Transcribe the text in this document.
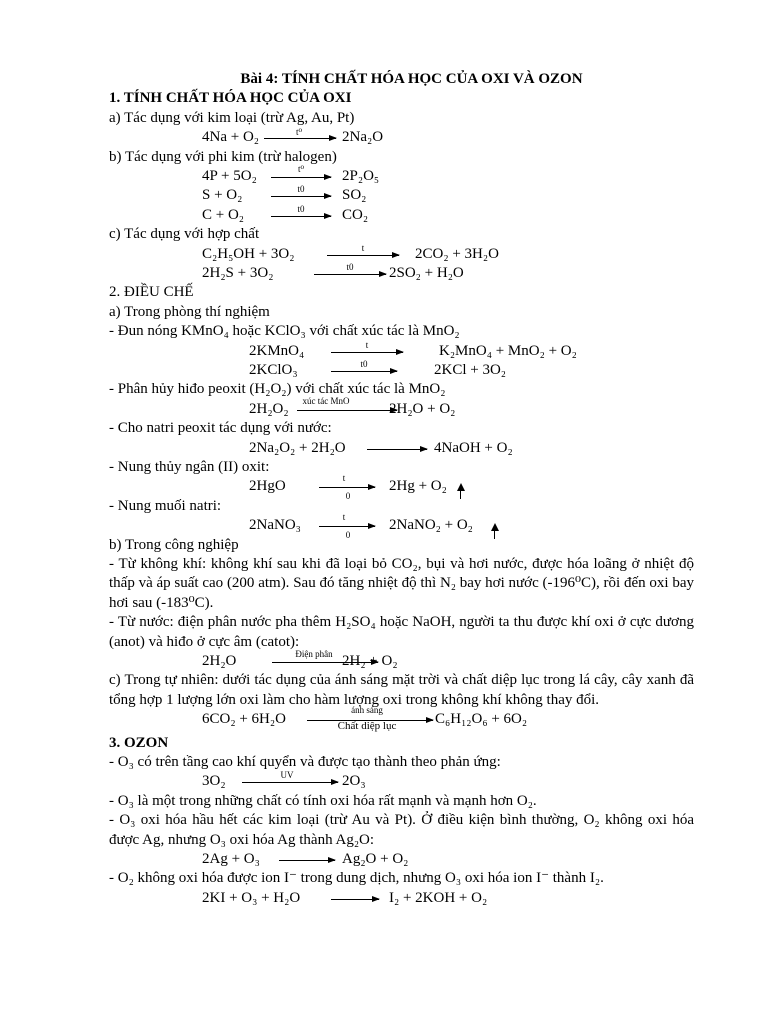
Bài 4: TÍNH CHẤT HÓA HỌC CỦA OXI VÀ OZON
1. TÍNH CHẤT HÓA HỌC CỦA OXI
a) Tác dụng với kim loại (trừ Ag, Au, Pt)
4Na + O₂	t⁰	2Na₂O
b) Tác dụng với phi kim (trừ halogen)
4P + 5O₂	t⁰ → 2P₂O₅
S + O₂	t0 → SO₂
C + O₂	t0 → CO₂
c) Tác dụng với hợp chất
C₂H₅OH + 3O₂	t	2CO₂ + 3H₂O
2H₂S + 3O₂	t0	2SO₂ + H₂O
2. ĐIỀU CHẾ
a) Trong phòng thí nghiệm
- Đun nóng KMnO₄ hoặc KClO₃ với chất xúc tác là MnO₂
2KMnO₄	t	K₂MnO₄ + MnO₂ + O₂
2KClO₃	t0	2KCl + 3O₂
- Phân hủy hiđo peoxit (H₂O₂) với chất xúc tác là MnO₂
2H₂O₂	xúc tác MnO	2H₂O + O₂
- Cho natri peoxit tác dụng với nước:
2Na₂O₂ + 2H₂O → 4NaOH + O₂
- Nung thủy ngân (II) oxit:
2HgO	t
0
2Hg + O₂
- Nung muối natri:
2NaNO₃	t
0
2NaNO₂ + O₂
b) Trong công nghiệp
- Từ không khí: không khí sau khi đã loại bỏ CO₂, bụi và hơi nước, được hóa loãng ở nhiệt độ thấp và áp suất cao (200 atm). Sau đó tăng nhiệt độ thì N₂ bay hơi nước (-196⁰C), rồi đến oxi bay hơi sau (-183⁰C).
- Từ nước: điện phân nước pha thêm H₂SO₄ hoặc NaOH, người ta thu được khí oxi ở cực dương (anot) và hiđo ở cực âm (catot):
2H₂O	Điện phân 2H₂ + O₂
c) Trong tự nhiên: dưới tác dụng của ánh sáng mặt trời và chất diệp lục trong lá cây, cây xanh đã tổng hợp 1 lượng lớn oxi làm cho hàm lượng oxi trong không khí không thay đổi.
6CO₂ + 6H₂O
ánh sáng
Chất diệp lục	C₆H₁₂O₆ + 6O₂
3. OZON
- O₃ có trên tầng cao khí quyển và được tạo thành theo phản ứng:
3O₂	UV	2O₃
- O₃ là một trong những chất có tính oxi hóa rất mạnh và mạnh hơn O₂.
- O₃ oxi hóa hầu hết các kim loại (trừ Au và Pt). Ở điều kiện bình thường, O₂ không oxi hóa được Ag, nhưng O₃ oxi hóa Ag thành Ag₂O:
2Ag + O₃ → Ag₂O + O₂
- O₂ không oxi hóa được ion I⁻ trong dung dịch, nhưng O₃ oxi hóa ion I⁻ thành I₂.
2KI + O₃ + H₂O → I₂ + 2KOH + O₂
